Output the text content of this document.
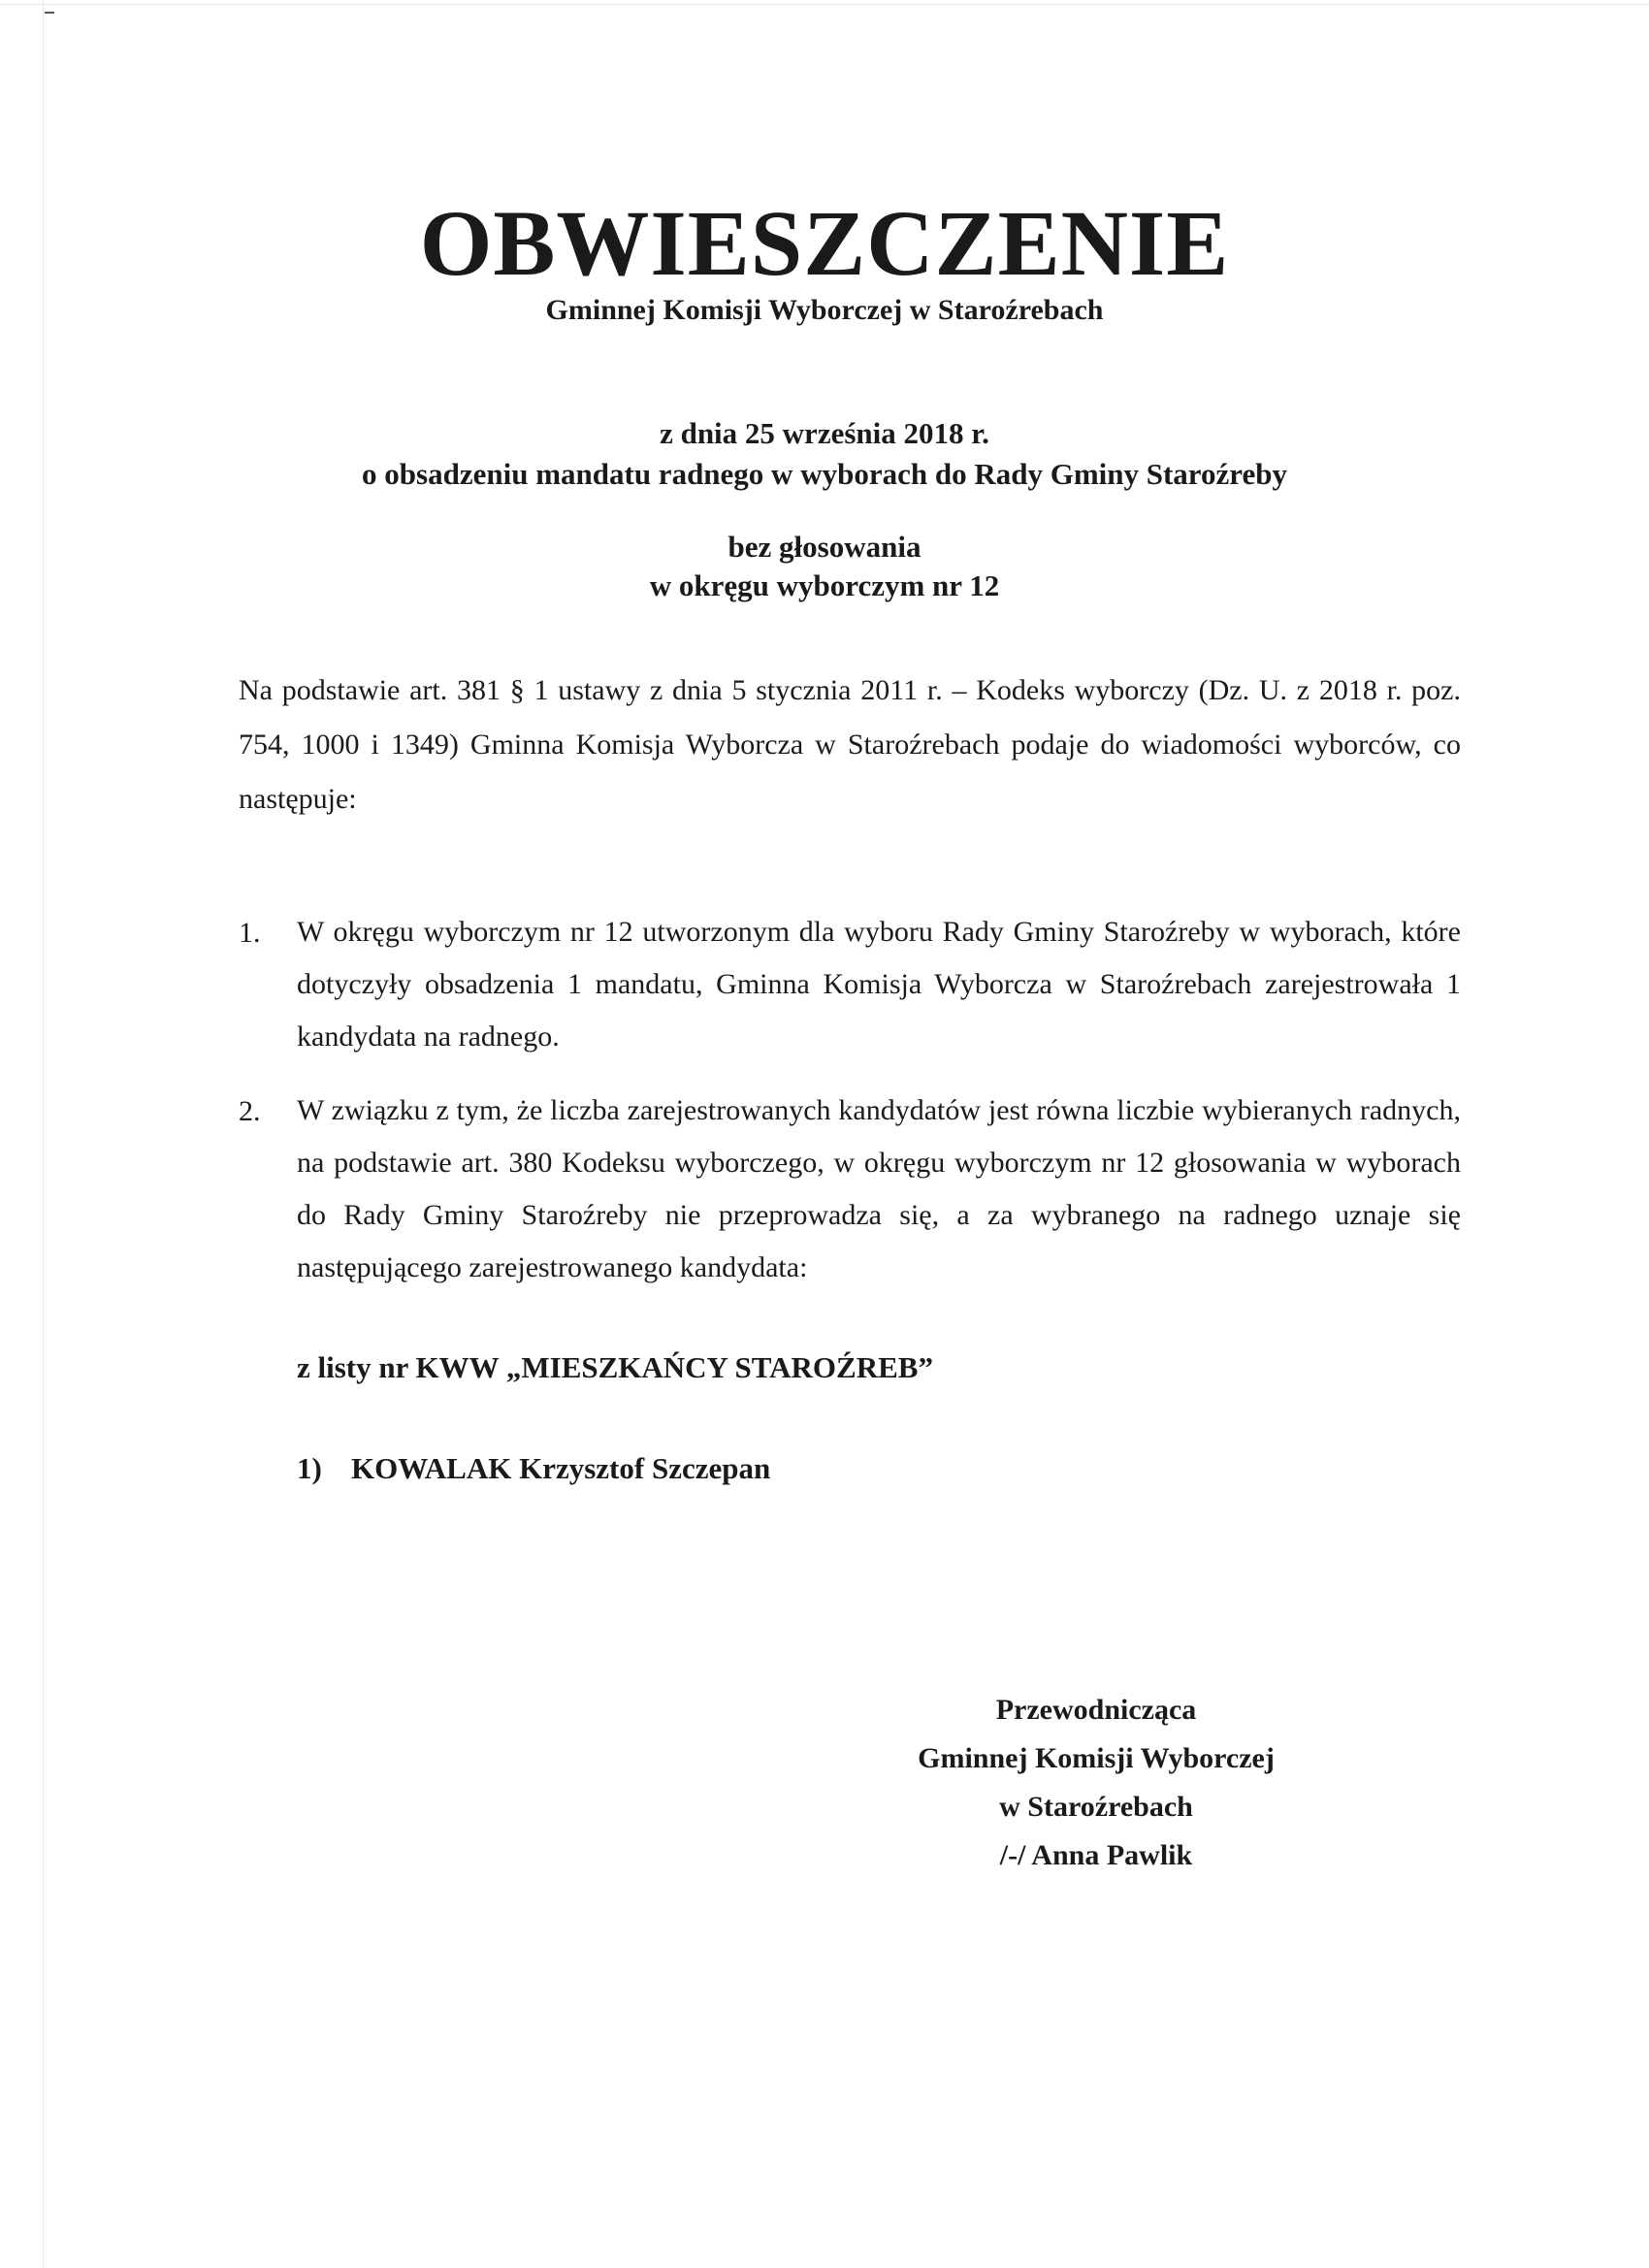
OBWIESZCZENIE
Gminnej Komisji Wyborczej w Staroźrebach
z dnia 25 września 2018 r.
o obsadzeniu mandatu radnego w wyborach do Rady Gminy Staroźreby
bez głosowania
w okręgu wyborczym nr 12
Na podstawie art. 381 § 1 ustawy z dnia 5 stycznia 2011 r. – Kodeks wyborczy (Dz. U. z 2018 r. poz. 754, 1000 i 1349) Gminna Komisja Wyborcza w Staroźrebach podaje do wiadomości wyborców, co następuje:
1. W okręgu wyborczym nr 12 utworzonym dla wyboru Rady Gminy Staroźreby w wyborach, które dotyczyły obsadzenia 1 mandatu, Gminna Komisja Wyborcza w Staroźrebach zarejestrowała 1 kandydata na radnego.
2. W związku z tym, że liczba zarejestrowanych kandydatów jest równa liczbie wybieranych radnych, na podstawie art. 380 Kodeksu wyborczego, w okręgu wyborczym nr 12 głosowania w wyborach do Rady Gminy Staroźreby nie przeprowadza się, a za wybranego na radnego uznaje się następującego zarejestrowanego kandydata:
z listy nr KWW „MIESZKAŃCY STAROŹREB”
1) KOWALAK Krzysztof Szczepan
Przewodnicząca
Gminnej Komisji Wyborczej
w Staroźrebach
/-/ Anna Pawlik
